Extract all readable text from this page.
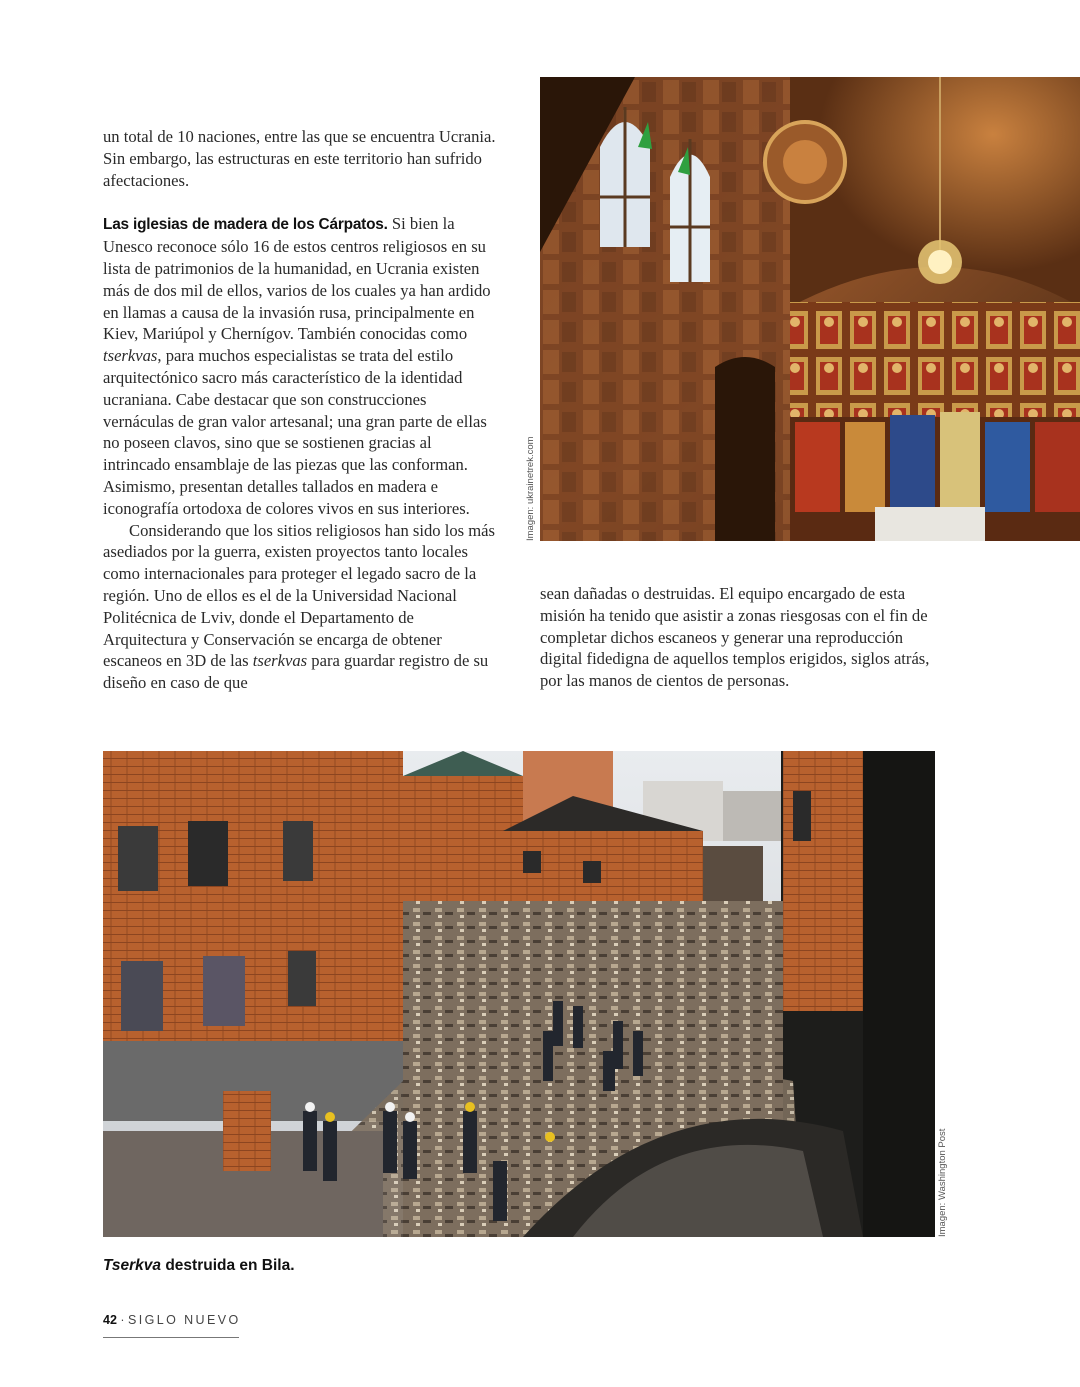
un total de 10 naciones, entre las que se encuentra Ucrania. Sin embargo, las estructuras en este territorio han sufrido afectaciones.

Las iglesias de madera de los Cárpatos. Si bien la Unesco reconoce sólo 16 de estos centros religiosos en su lista de patrimonios de la humanidad, en Ucrania existen más de dos mil de ellos, varios de los cuales ya han ardido en llamas a causa de la invasión rusa, principalmente en Kiev, Mariúpol y Chernígov. También conocidas como tserkvas, para muchos especialistas se trata del estilo arquitectónico sacro más característico de la identidad ucraniana. Cabe destacar que son construcciones vernáculas de gran valor artesanal; una gran parte de ellas no poseen clavos, sino que se sostienen gracias al intrincado ensamblaje de las piezas que las conforman. Asimismo, presentan detalles tallados en madera e iconografía ortodoxa de colores vivos en sus interiores.

Considerando que los sitios religiosos han sido los más asediados por la guerra, existen proyectos tanto locales como internacionales para proteger el legado sacro de la región. Uno de ellos es el de la Universidad Nacional Politécnica de Lviv, donde el Departamento de Arquitectura y Conservación se encarga de obtener escaneos en 3D de las tserkvas para guardar registro de su diseño en caso de que

Imagen: ukrainetrek.com

sean dañadas o destruidas. El equipo encargado de esta misión ha tenido que asistir a zonas riesgosas con el fin de completar dichos escaneos y generar una reproducción digital fidedigna de aquellos templos erigidos, siglos atrás, por las manos de cientos de personas.

Imagen: Washington Post

Tserkva destruida en Bila.

42 · SIGLO NUEVO
